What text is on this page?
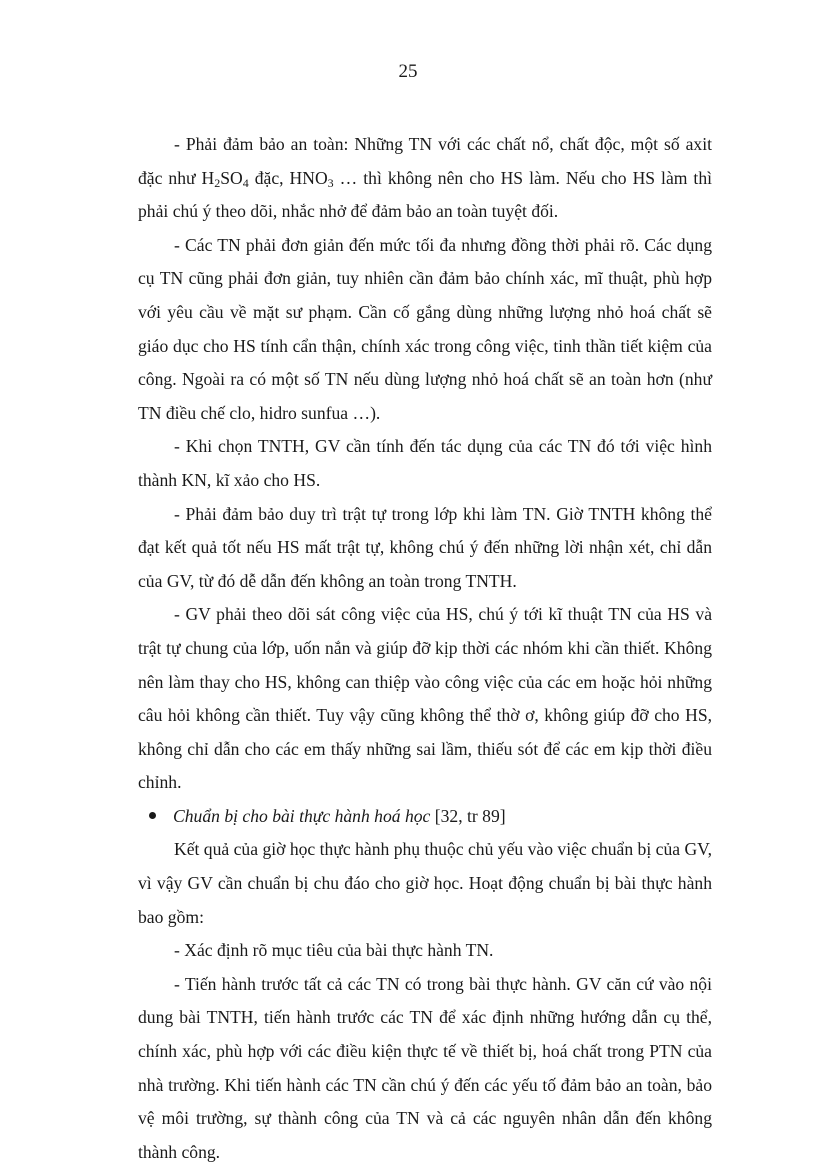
25

- Phải đảm bảo an toàn: Những TN với các chất nổ, chất độc, một số axit đặc như $H_2SO_4$ đặc, $HNO_3$ … thì không nên cho HS làm. Nếu cho HS làm thì phải chú ý theo dõi, nhắc nhở để đảm bảo an toàn tuyệt đối.

- Các TN phải đơn giản đến mức tối đa nhưng đồng thời phải rõ. Các dụng cụ TN cũng phải đơn giản, tuy nhiên cần đảm bảo chính xác, mĩ thuật, phù hợp với yêu cầu về mặt sư phạm. Cần cố gắng dùng những lượng nhỏ hoá chất sẽ giáo dục cho HS tính cẩn thận, chính xác trong công việc, tinh thần tiết kiệm của công. Ngoài ra có một số TN nếu dùng lượng nhỏ hoá chất sẽ an toàn hơn (như TN điều chế clo, hidro sunfua …).

- Khi chọn TNTH, GV cần tính đến tác dụng của các TN đó tới việc hình thành KN, kĩ xảo cho HS.

- Phải đảm bảo duy trì trật tự trong lớp khi làm TN. Giờ TNTH không thể đạt kết quả tốt nếu HS mất trật tự, không chú ý đến những lời nhận xét, chỉ dẫn của GV, từ đó dễ dẫn đến không an toàn trong TNTH.

- GV phải theo dõi sát công việc của HS, chú ý tới kĩ thuật TN của HS và trật tự chung của lớp, uốn nắn và giúp đỡ kịp thời các nhóm khi cần thiết. Không nên làm thay cho HS, không can thiệp vào công việc của các em hoặc hỏi những câu hỏi không cần thiết. Tuy vậy cũng không thể thờ ơ, không giúp đỡ cho HS, không chỉ dẫn cho các em thấy những sai lầm, thiếu sót để các em kịp thời điều chỉnh.

Chuẩn bị cho bài thực hành hoá học [32, tr 89]

Kết quả của giờ học thực hành phụ thuộc chủ yếu vào việc chuẩn bị của GV, vì vậy GV cần chuẩn bị chu đáo cho giờ học. Hoạt động chuẩn bị bài thực hành bao gồm:

- Xác định rõ mục tiêu của bài thực hành TN.

- Tiến hành trước tất cả các TN có trong bài thực hành. GV căn cứ vào nội dung bài TNTH, tiến hành trước các TN để xác định những hướng dẫn cụ thể, chính xác, phù hợp với các điều kiện thực tế về thiết bị, hoá chất trong PTN của nhà trường. Khi tiến hành các TN cần chú ý đến các yếu tố đảm bảo an toàn, bảo vệ môi trường, sự thành công của TN và cả các nguyên nhân dẫn đến không thành công.
